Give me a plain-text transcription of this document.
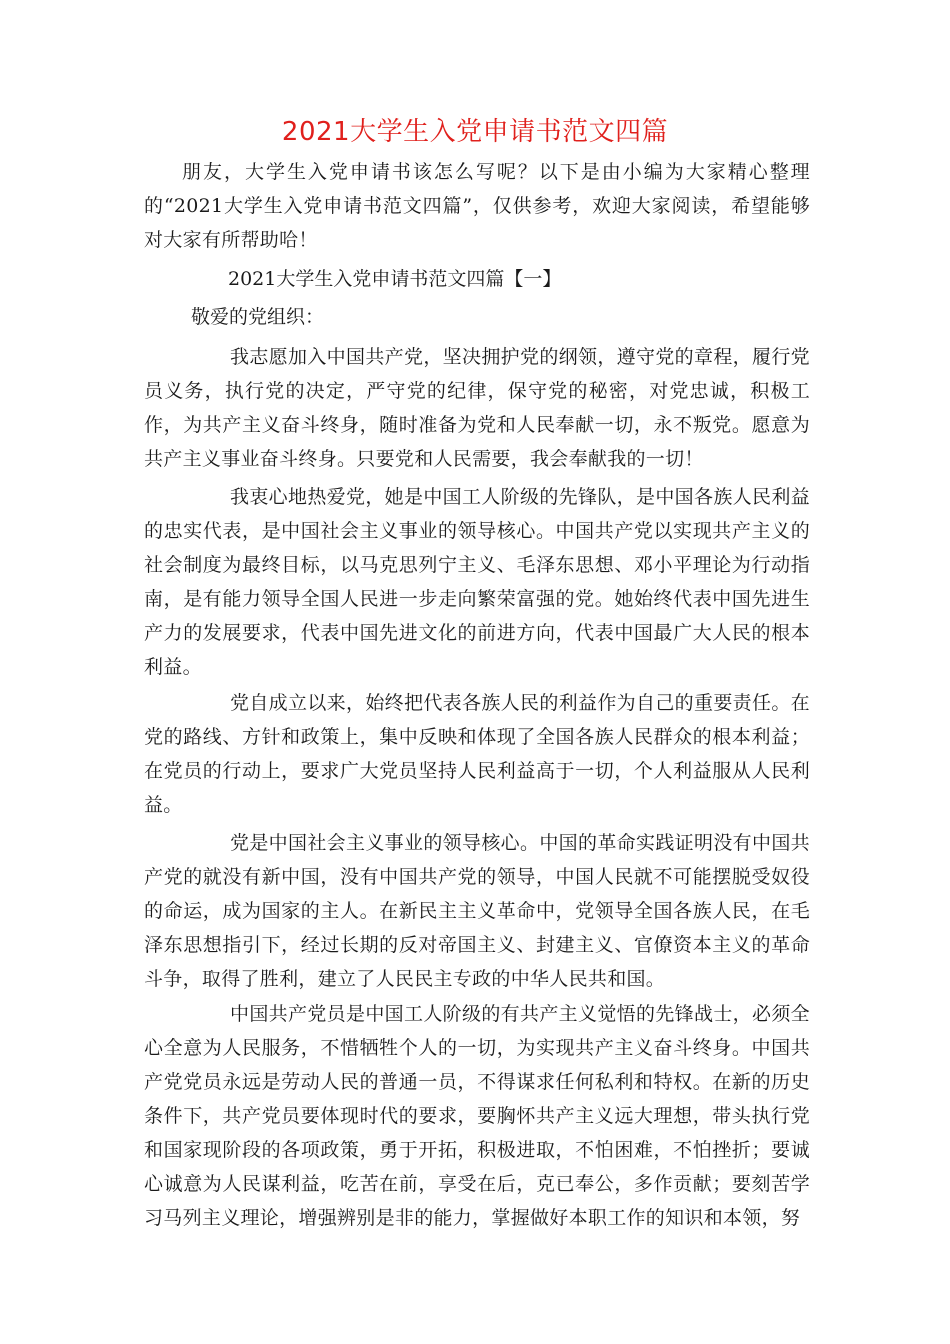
2021大学生入党申请书范文四篇
朋友，大学生入党申请书该怎么写呢？以下是由小编为大家精心整理的“2021大学生入党申请书范文四篇”，仅供参考，欢迎大家阅读，希望能够对大家有所帮助哈！
2021大学生入党申请书范文四篇【一】
敬爱的党组织：
我志愿加入中国共产党，坚决拥护党的纲领，遵守党的章程，履行党员义务，执行党的决定，严守党的纪律，保守党的秘密，对党忠诚，积极工作，为共产主义奋斗终身，随时准备为党和人民奉献一切，永不叛党。愿意为共产主义事业奋斗终身。只要党和人民需要，我会奉献我的一切！
我衷心地热爱党，她是中国工人阶级的先锋队，是中国各族人民利益的忠实代表，是中国社会主义事业的领导核心。中国共产党以实现共产主义的社会制度为最终目标，以马克思列宁主义、毛泽东思想、邓小平理论为行动指南，是有能力领导全国人民进一步走向繁荣富强的党。她始终代表中国先进生产力的发展要求，代表中国先进文化的前进方向，代表中国最广大人民的根本利益。
党自成立以来，始终把代表各族人民的利益作为自己的重要责任。在党的路线、方针和政策上，集中反映和体现了全国各族人民群众的根本利益；在党员的行动上，要求广大党员坚持人民利益高于一切，个人利益服从人民利益。
党是中国社会主义事业的领导核心。中国的革命实践证明没有中国共产党的就没有新中国，没有中国共产党的领导，中国人民就不可能摆脱受奴役的命运，成为国家的主人。在新民主主义革命中，党领导全国各族人民，在毛泽东思想指引下，经过长期的反对帝国主义、封建主义、官僚资本主义的革命斗争，取得了胜利，建立了人民民主专政的中华人民共和国。
中国共产党员是中国工人阶级的有共产主义觉悟的先锋战士，必须全心全意为人民服务，不惜牺牲个人的一切，为实现共产主义奋斗终身。中国共产党党员永远是劳动人民的普通一员，不得谋求任何私利和特权。在新的历史条件下，共产党员要体现时代的要求，要胸怀共产主义远大理想，带头执行党和国家现阶段的各项政策，勇于开拓，积极进取，不怕困难，不怕挫折；要诚心诚意为人民谋利益，吃苦在前，享受在后，克已奉公，多作贡献；要刻苦学习马列主义理论，增强辨别是非的能力，掌握做好本职工作的知识和本领，努
